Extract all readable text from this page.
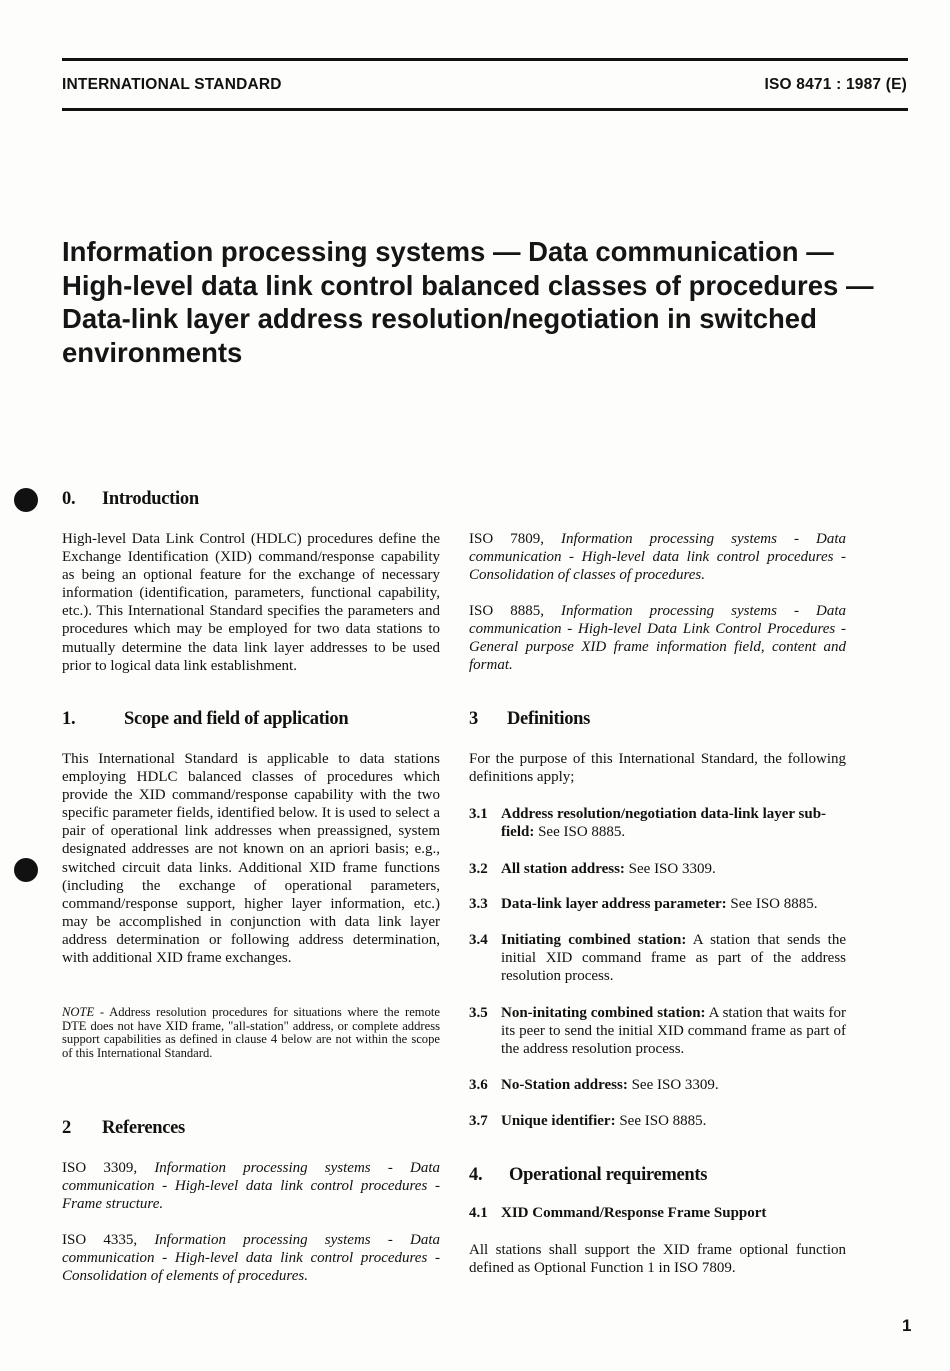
INTERNATIONAL STANDARD	ISO 8471 : 1987 (E)
Information processing systems — Data communication — High-level data link control balanced classes of procedures — Data-link layer address resolution/negotiation in switched environments
0. Introduction

High-level Data Link Control (HDLC) procedures define the Exchange Identification (XID) command/response capability as being an optional feature for the exchange of necessary information (identification, parameters, functional capability, etc.). This International Standard specifies the parameters and procedures which may be employed for two data stations to mutually determine the data link layer addresses to be used prior to logical data link establishment.

1.	Scope and field of application

This International Standard is applicable to data stations employing HDLC balanced classes of procedures which provide the XID command/response capability with the two specific parameter fields, identified below. It is used to select a pair of operational link addresses when preassigned, system designated addresses are not known on an apriori basis; e.g., switched circuit data links. Additional XID frame functions (including the exchange of operational parameters, command/response support, higher layer information, etc.) may be accomplished in conjunction with data link layer address determination or following address determination, with additional XID frame exchanges.

NOTE - Address resolution procedures for situations where the remote DTE does not have XID frame, "all-station" address, or complete address support capabilities as defined in clause 4 below are not within the scope of this International Standard.

2 References

ISO 3309, Information processing systems - Data communication - High-level data link control procedures - Frame structure.

ISO 4335, Information processing systems - Data communication - High-level data link control procedures - Consolidation of elements of procedures.

ISO 7809, Information processing systems - Data communication - High-level data link control procedures - Consolidation of classes of procedures.

ISO 8885, Information processing systems - Data communication - High-level Data Link Control Procedures - General purpose XID frame information field, content and format.

3 Definitions

For the purpose of this International Standard, the following definitions apply;

3.1 Address resolution/negotiation data-link layer sub-field: See ISO 8885.
3.2 All station address: See ISO 3309.
3.3 Data-link layer address parameter: See ISO 8885.
3.4 Initiating combined station: A station that sends the initial XID command frame as part of the address resolution process.
3.5 Non-initating combined station: A station that waits for its peer to send the initial XID command frame as part of the address resolution process.
3.6 No-Station address: See ISO 3309.
3.7 Unique identifier: See ISO 8885.
4. Operational requirements
4.1 XID Command/Response Frame Support

All stations shall support the XID frame optional function defined as Optional Function 1 in ISO 7809.

1
